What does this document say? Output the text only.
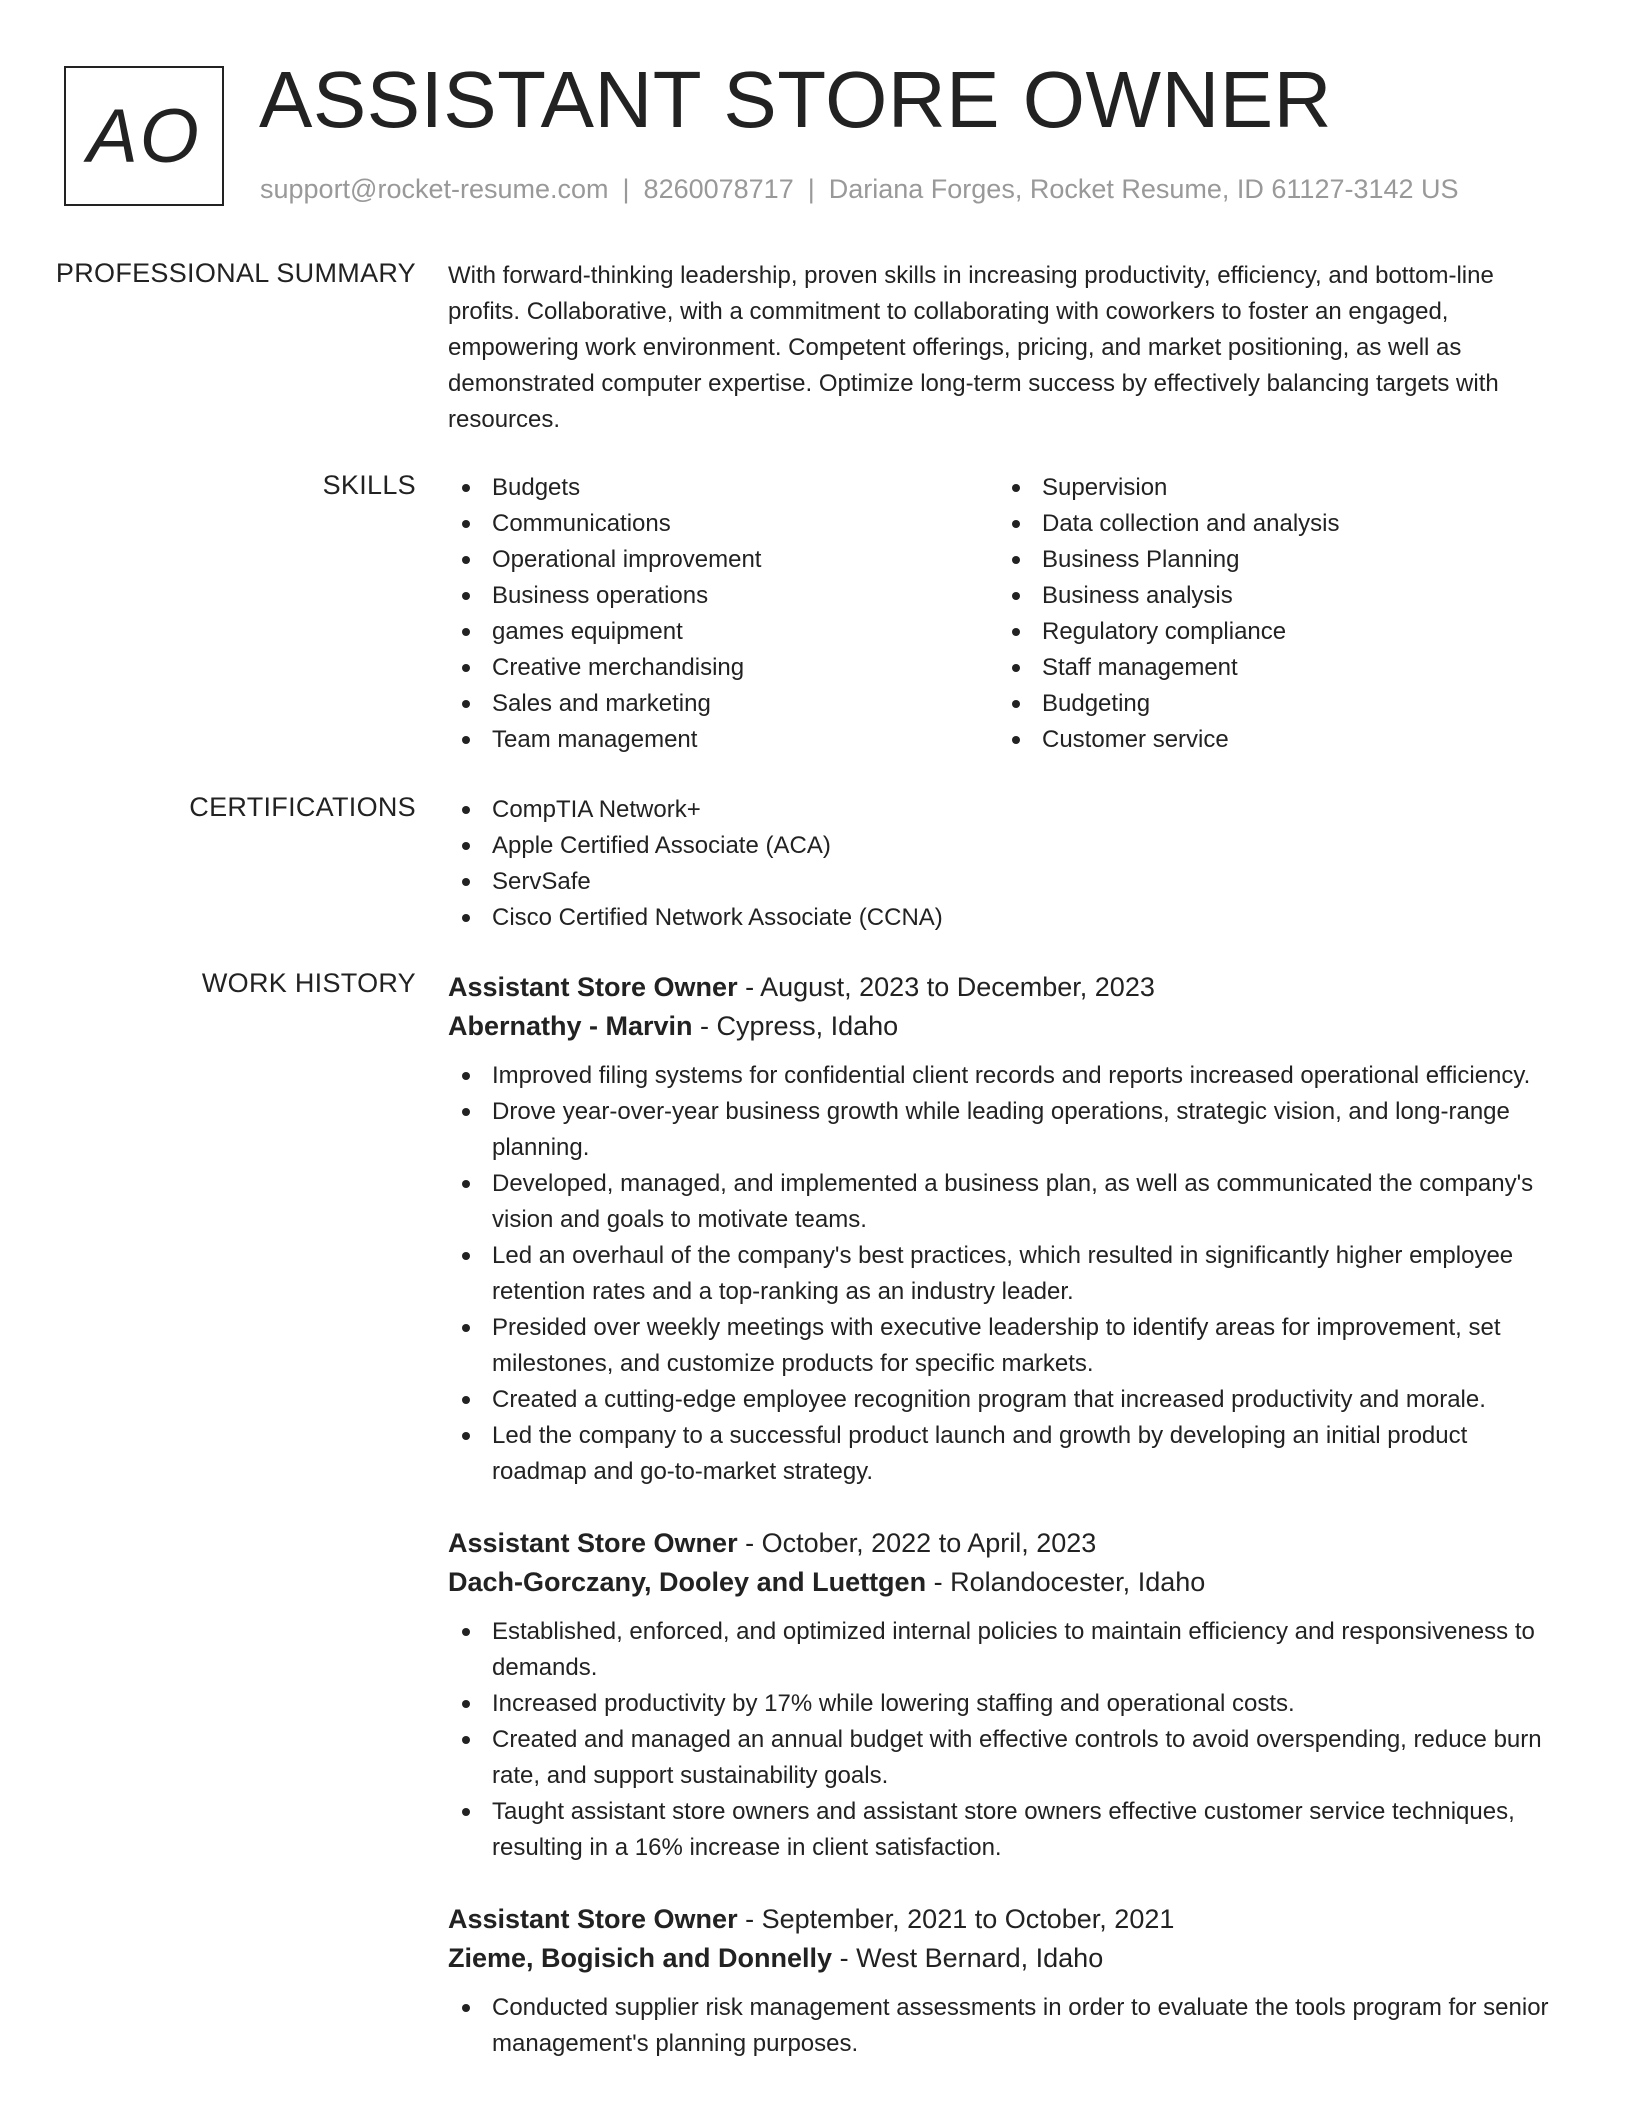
AO ASSISTANT STORE OWNER
support@rocket-resume.com | 8260078717 | Dariana Forges, Rocket Resume, ID 61127-3142 US
PROFESSIONAL SUMMARY With forward-thinking leadership, proven skills in increasing productivity, efficiency, and bottom-line profits. Collaborative, with a commitment to collaborating with coworkers to foster an engaged, empowering work environment. Competent offerings, pricing, and market positioning, as well as demonstrated computer expertise. Optimize long-term success by effectively balancing targets with resources.

SKILLS	Budgets
Communications
Operational improvement
Business operations
games equipment
Creative merchandising
Sales and marketing
Team management
Supervision
Data collection and analysis
Business Planning
Business analysis
Regulatory compliance
Staff management
Budgeting
Customer service
CERTIFICATIONS	CompTIA Network+
Apple Certified Associate (ACA)
ServSafe
Cisco Certified Network Associate (CCNA)
WORK HISTORY Assistant Store Owner - August, 2023 to December, 2023
Abernathy - Marvin - Cypress, Idaho
Improved filing systems for confidential client records and reports increased operational efficiency.
Drove year-over-year business growth while leading operations, strategic vision, and long-range planning.
Developed, managed, and implemented a business plan, as well as communicated the company's vision and goals to motivate teams.
Led an overhaul of the company's best practices, which resulted in significantly higher employee retention rates and a top-ranking as an industry leader.
Presided over weekly meetings with executive leadership to identify areas for improvement, set milestones, and customize products for specific markets.
Created a cutting-edge employee recognition program that increased productivity and morale.
Led the company to a successful product launch and growth by developing an initial product roadmap and go-to-market strategy.
Assistant Store Owner - October, 2022 to April, 2023
Dach-Gorczany, Dooley and Luettgen - Rolandocester, Idaho
Established, enforced, and optimized internal policies to maintain efficiency and responsiveness to demands.
Increased productivity by 17% while lowering staffing and operational costs.
Created and managed an annual budget with effective controls to avoid overspending, reduce burn rate, and support sustainability goals.
Taught assistant store owners and assistant store owners effective customer service techniques, resulting in a 16% increase in client satisfaction.
Assistant Store Owner - September, 2021 to October, 2021
Zieme, Bogisich and Donnelly - West Bernard, Idaho
Conducted supplier risk management assessments in order to evaluate the tools program for senior management's planning purposes.
